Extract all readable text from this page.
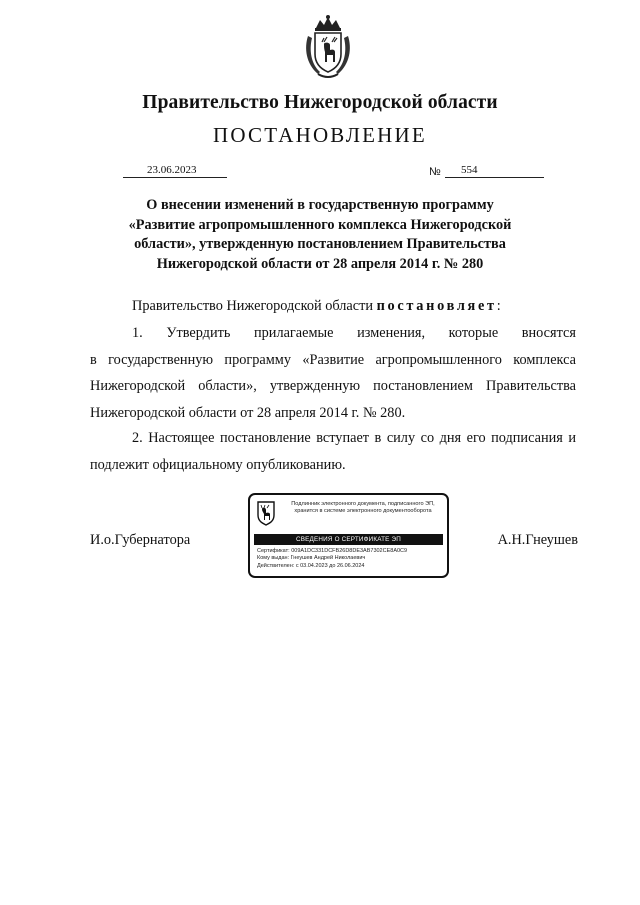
Правительство Нижегородской области
ПОСТАНОВЛЕНИЕ
23.06.2023	№	554
О внесении изменений в государственную программу
«Развитие агропромышленного комплекса Нижегородской
области», утвержденную постановлением Правительства
Нижегородской области от 28 апреля 2014 г. № 280
Правительство Нижегородской области постановляет:
1. Утвердить прилагаемые изменения, которые вносятся
в государственную программу «Развитие агропромышленного комплекса Нижегородской области», утвержденную постановлением Правительства Нижегородской области от 28 апреля 2014 г. № 280.
2. Настоящее постановление вступает в силу со дня его подписания и подлежит официальному опубликованию.
И.о.Губернатора	А.Н.Гнеушев
Подлинник электронного документа, подписанного ЭП,
хранится в системе электронного документооборота
СВЕДЕНИЯ О СЕРТИФИКАТЕ ЭП
Сертификат: 009A1DC331DCFB26D8DE3AB7302CE8A0C9
Кому выдан: Гнеушев Андрей Николаевич
Действителен: с 03.04.2023 до 26.06.2024
